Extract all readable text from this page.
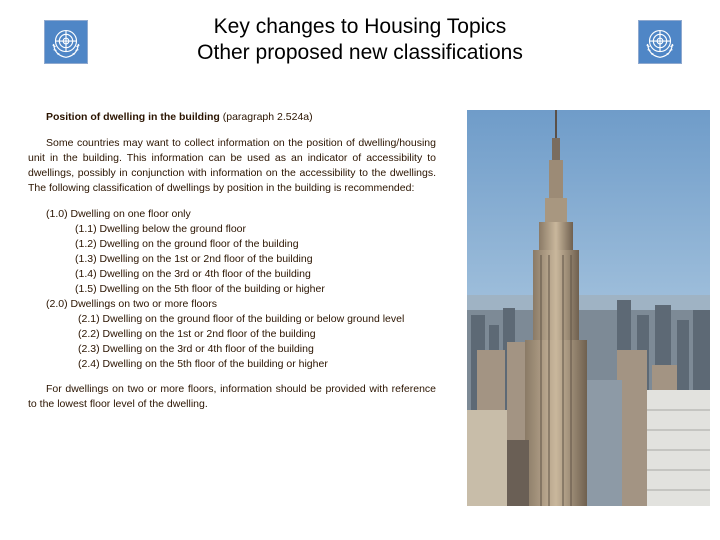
Key changes to Housing Topics
Other proposed new classifications
Position of dwelling in the building (paragraph 2.524a)

Some countries may want to collect information on the position of dwelling/housing unit in the building. This information can be used as an indicator of accessibility to dwellings, possibly in conjunction with information on the accessibility to the dwellings. The following classification of dwellings by position in the building is recommended:

(1.0) Dwelling on one floor only
(1.1) Dwelling below the ground floor
(1.2) Dwelling on the ground floor of the building
(1.3) Dwelling on the 1st or 2nd floor of the building
(1.4) Dwelling on the 3rd or 4th floor of the building
(1.5) Dwelling on the 5th floor of the building or higher
(2.0) Dwellings on two or more floors
(2.1) Dwelling on the ground floor of the building or below ground level
(2.2) Dwelling on the 1st or 2nd floor of the building
(2.3) Dwelling on the 3rd or 4th floor of the building
(2.4) Dwelling on the 5th floor of the building or higher

For dwellings on two or more floors, information should be provided with reference to the lowest floor level of the dwelling.
